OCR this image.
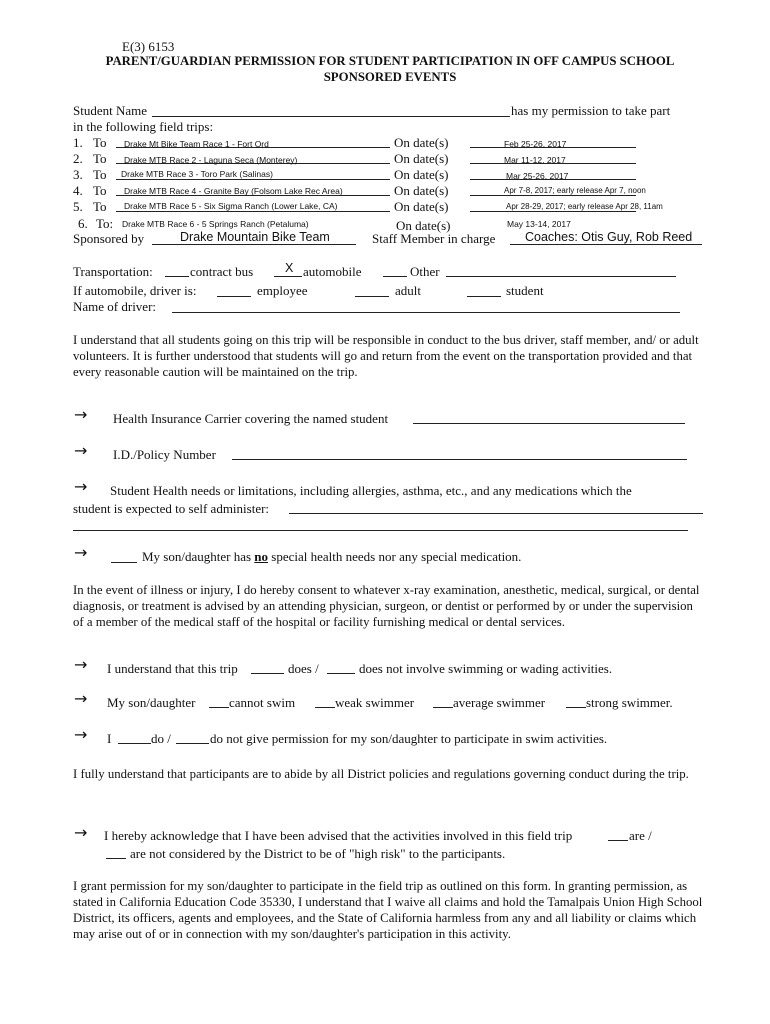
E(3) 6153
PARENT/GUARDIAN PERMISSION FOR STUDENT PARTICIPATION IN OFF CAMPUS SCHOOL
SPONSORED EVENTS
Student Name	has my permission to take part
in the following field trips:
1. To Drake Mt Bike Team Race 1 - Fort Ord	On date(s)	Feb 25-26, 2017
2. To Drake MTB Race 2 - Laguna Seca (Monterey)	On date(s)	Mar 11-12, 2017
3. To Drake MTB Race 3 - Toro Park (Salinas)	On date(s)	Mar 25-26, 2017
4. To Drake MTB Race 4 - Granite Bay (Folsom Lake Rec Area)	On date(s)	Apr 7-8, 2017; early release Apr 7, noon
5. To Drake MTB Race 5 - Six Sigma Ranch (Lower Lake, CA)	On date(s)	Apr 28-29, 2017; early release Apr 28, 11am
6. To: Drake MTB Race 6 - 5 Springs Ranch (Petaluma)	On date(s)	May 13-14, 2017
Sponsored by	Drake Mountain Bike Team	Staff Member in charge Coaches: Otis Guy, Rob Reed
Transportation:	contract bus	X automobile	Other
If automobile, driver is:	employee	adult	student
Name of driver:
I understand that all students going on this trip will be responsible in conduct to the bus driver, staff member, and/ or adult volunteers. It is further understood that students will go and return from the event on the transportation provided and that every reasonable caution will be maintained on the trip.
→ Health Insurance Carrier covering the named student
→ I.D./Policy Number
→ Student Health needs or limitations, including allergies, asthma, etc., and any medications which the
student is expected to self administer:
→	My son/daughter has no special health needs nor any special medication.
In the event of illness or injury, I do hereby consent to whatever x-ray examination, anesthetic, medical, surgical, or dental diagnosis, or treatment is advised by an attending physician, surgeon, or dentist or performed by or under the supervision of a member of the medical staff of the hospital or facility furnishing medical or dental services.
→ I understand that this trip	does /	does not involve swimming or wading activities.
→ My son/daughter	cannot swim	weak swimmer	average swimmer	strong swimmer.
→ I	do /	do not give permission for my son/daughter to participate in swim activities.
I fully understand that participants are to abide by all District policies and regulations governing conduct during the trip.
→ I hereby acknowledge that I have been advised that the activities involved in this field trip	are /
are not considered by the District to be of "high risk" to the participants.
I grant permission for my son/daughter to participate in the field trip as outlined on this form. In granting permission, as stated in California Education Code 35330, I understand that I waive all claims and hold the Tamalpais Union High School District, its officers, agents and employees, and the State of California harmless from any and all liability or claims which may arise out of or in connection with my son/daughter's participation in this activity.
